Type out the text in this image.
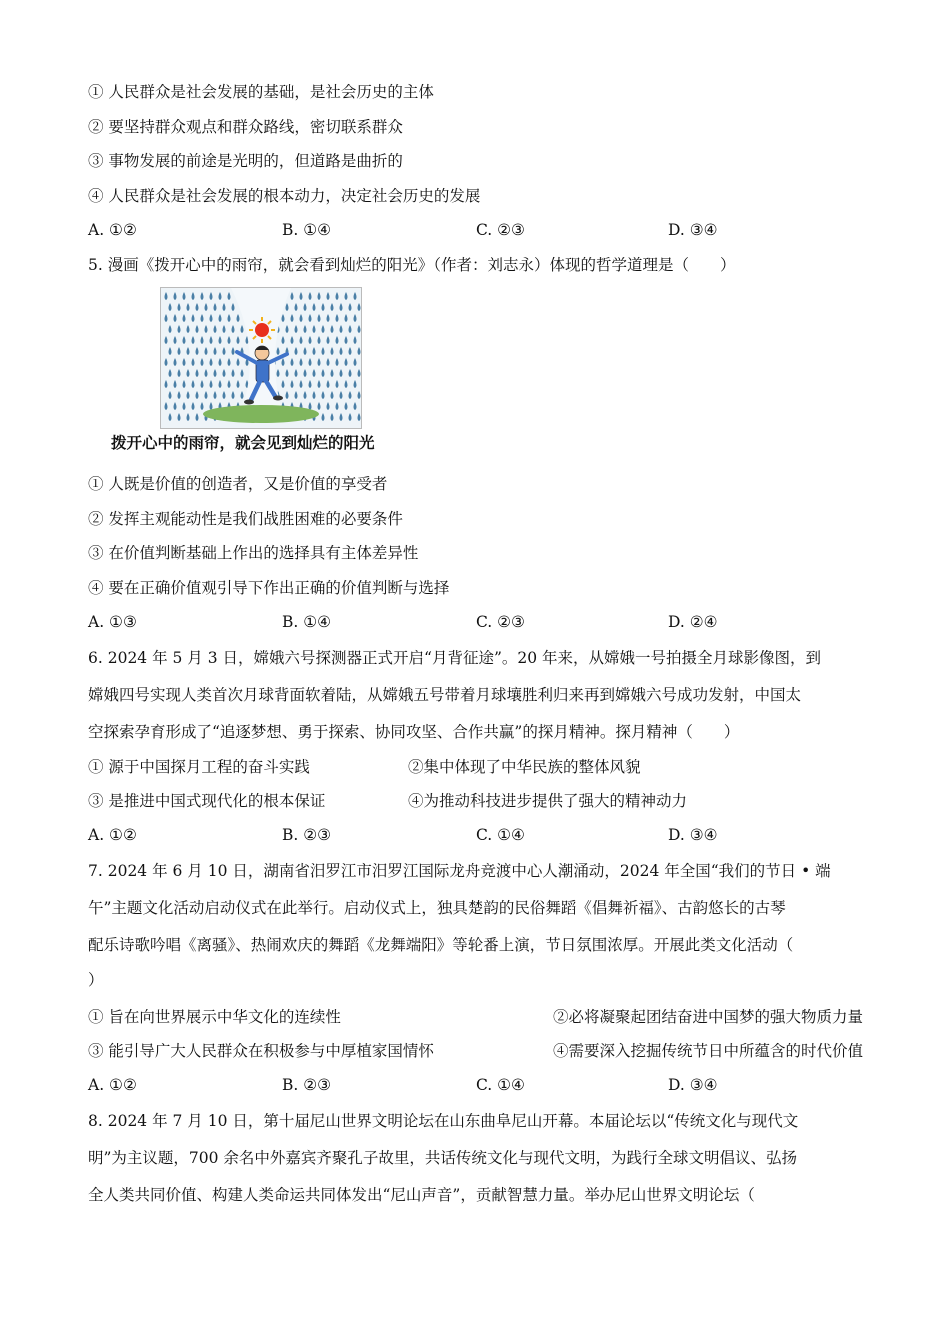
① 人民群众是社会发展的基础，是社会历史的主体
② 要坚持群众观点和群众路线，密切联系群众
③ 事物发展的前途是光明的，但道路是曲折的
④ 人民群众是社会发展的根本动力，决定社会历史的发展
A. ①②	B. ①④	C. ②③	D. ③④
5. 漫画《拨开心中的雨帘，就会看到灿烂的阳光》（作者：刘志永）体现的哲学道理是（　　）
拨开心中的雨帘，就会见到灿烂的阳光
① 人既是价值的创造者，又是价值的享受者
② 发挥主观能动性是我们战胜困难的必要条件
③ 在价值判断基础上作出的选择具有主体差异性
④ 要在正确价值观引导下作出正确的价值判断与选择
A. ①③	B. ①④	C. ②③	D. ②④
6. 2024 年 5 月 3 日，嫦娥六号探测器正式开启“月背征途”。20 年来，从嫦娥一号拍摄全月球影像图，到
嫦娥四号实现人类首次月球背面软着陆，从嫦娥五号带着月球壤胜利归来再到嫦娥六号成功发射，中国太
空探索孕育形成了“追逐梦想、勇于探索、协同攻坚、合作共赢”的探月精神。探月精神（　　）
① 源于中国探月工程的奋斗实践	②集中体现了中华民族的整体风貌
③ 是推进中国式现代化的根本保证	④为推动科技进步提供了强大的精神动力
A. ①②	B. ②③	C. ①④	D. ③④
7. 2024 年 6 月 10 日，湖南省汨罗江市汨罗江国际龙舟竞渡中心人潮涌动，2024 年全国“我们的节日 • 端
午”主题文化活动启动仪式在此举行。启动仪式上，独具楚韵的民俗舞蹈《倡舞祈福》、古韵悠长的古琴
配乐诗歌吟唱《离骚》、热闹欢庆的舞蹈《龙舞端阳》等轮番上演，节日氛围浓厚。开展此类文化活动（
）
① 旨在向世界展示中华文化的连续性	②必将凝聚起团结奋进中国梦的强大物质力量
③ 能引导广大人民群众在积极参与中厚植家国情怀	④需要深入挖掘传统节日中所蕴含的时代价值
A. ①②	B. ②③	C. ①④	D. ③④
8. 2024 年 7 月 10 日，第十届尼山世界文明论坛在山东曲阜尼山开幕。本届论坛以“传统文化与现代文
明”为主议题，700 余名中外嘉宾齐聚孔子故里，共话传统文化与现代文明，为践行全球文明倡议、弘扬
全人类共同价值、构建人类命运共同体发出“尼山声音”，贡献智慧力量。举办尼山世界文明论坛（
